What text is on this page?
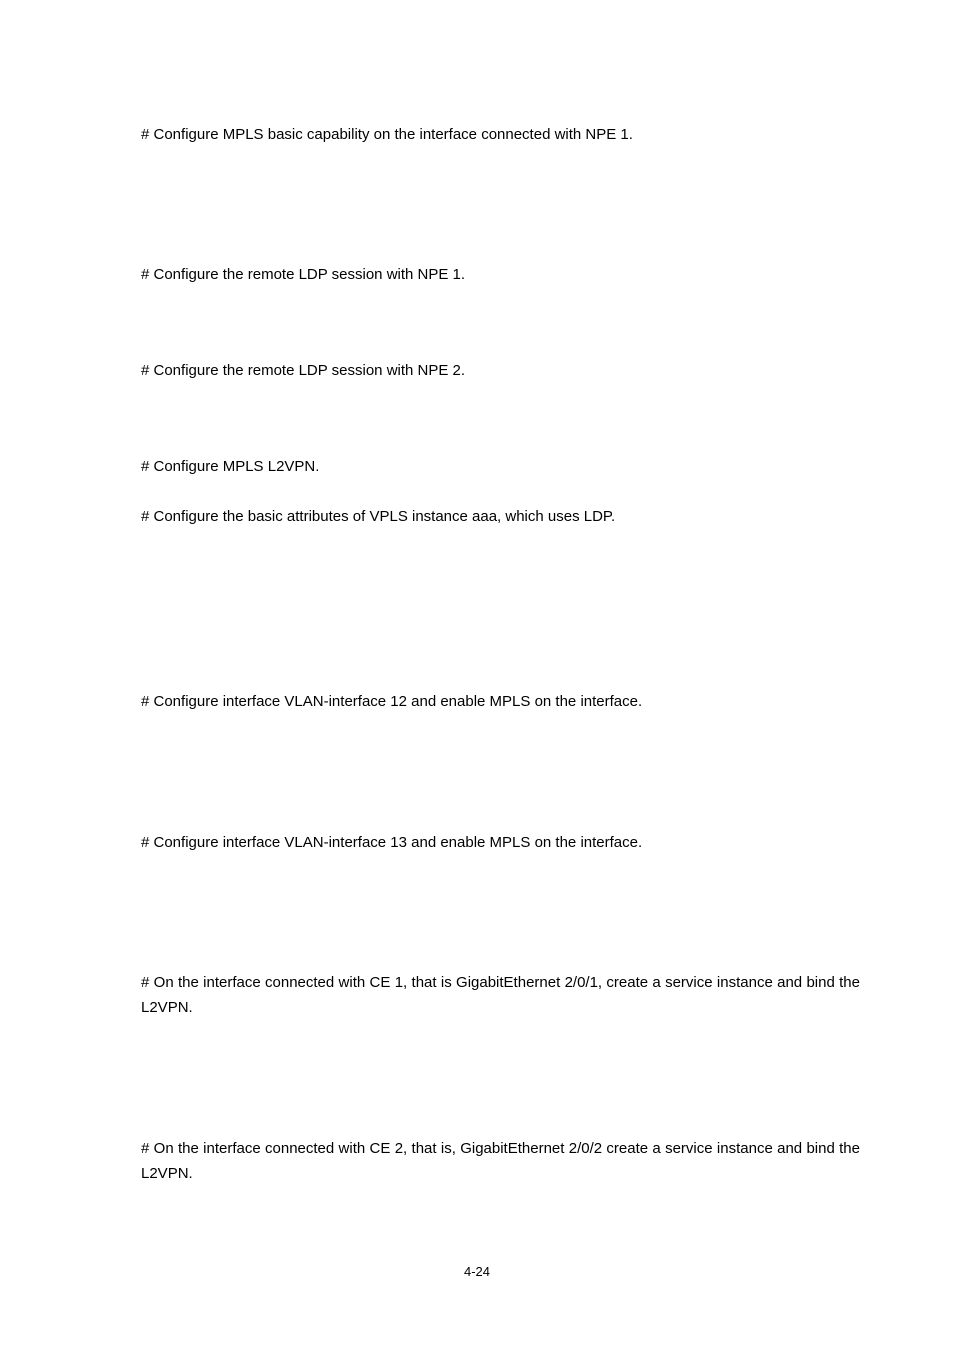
# Configure MPLS basic capability on the interface connected with NPE 1.
# Configure the remote LDP session with NPE 1.
# Configure the remote LDP session with NPE 2.
# Configure MPLS L2VPN.
# Configure the basic attributes of VPLS instance aaa, which uses LDP.
# Configure interface VLAN-interface 12 and enable MPLS on the interface.
# Configure interface VLAN-interface 13 and enable MPLS on the interface.
# On the interface connected with CE 1, that is GigabitEthernet 2/0/1, create a service instance and bind the L2VPN.
# On the interface connected with CE 2, that is, GigabitEthernet 2/0/2 create a service instance and bind the L2VPN.
4-24
